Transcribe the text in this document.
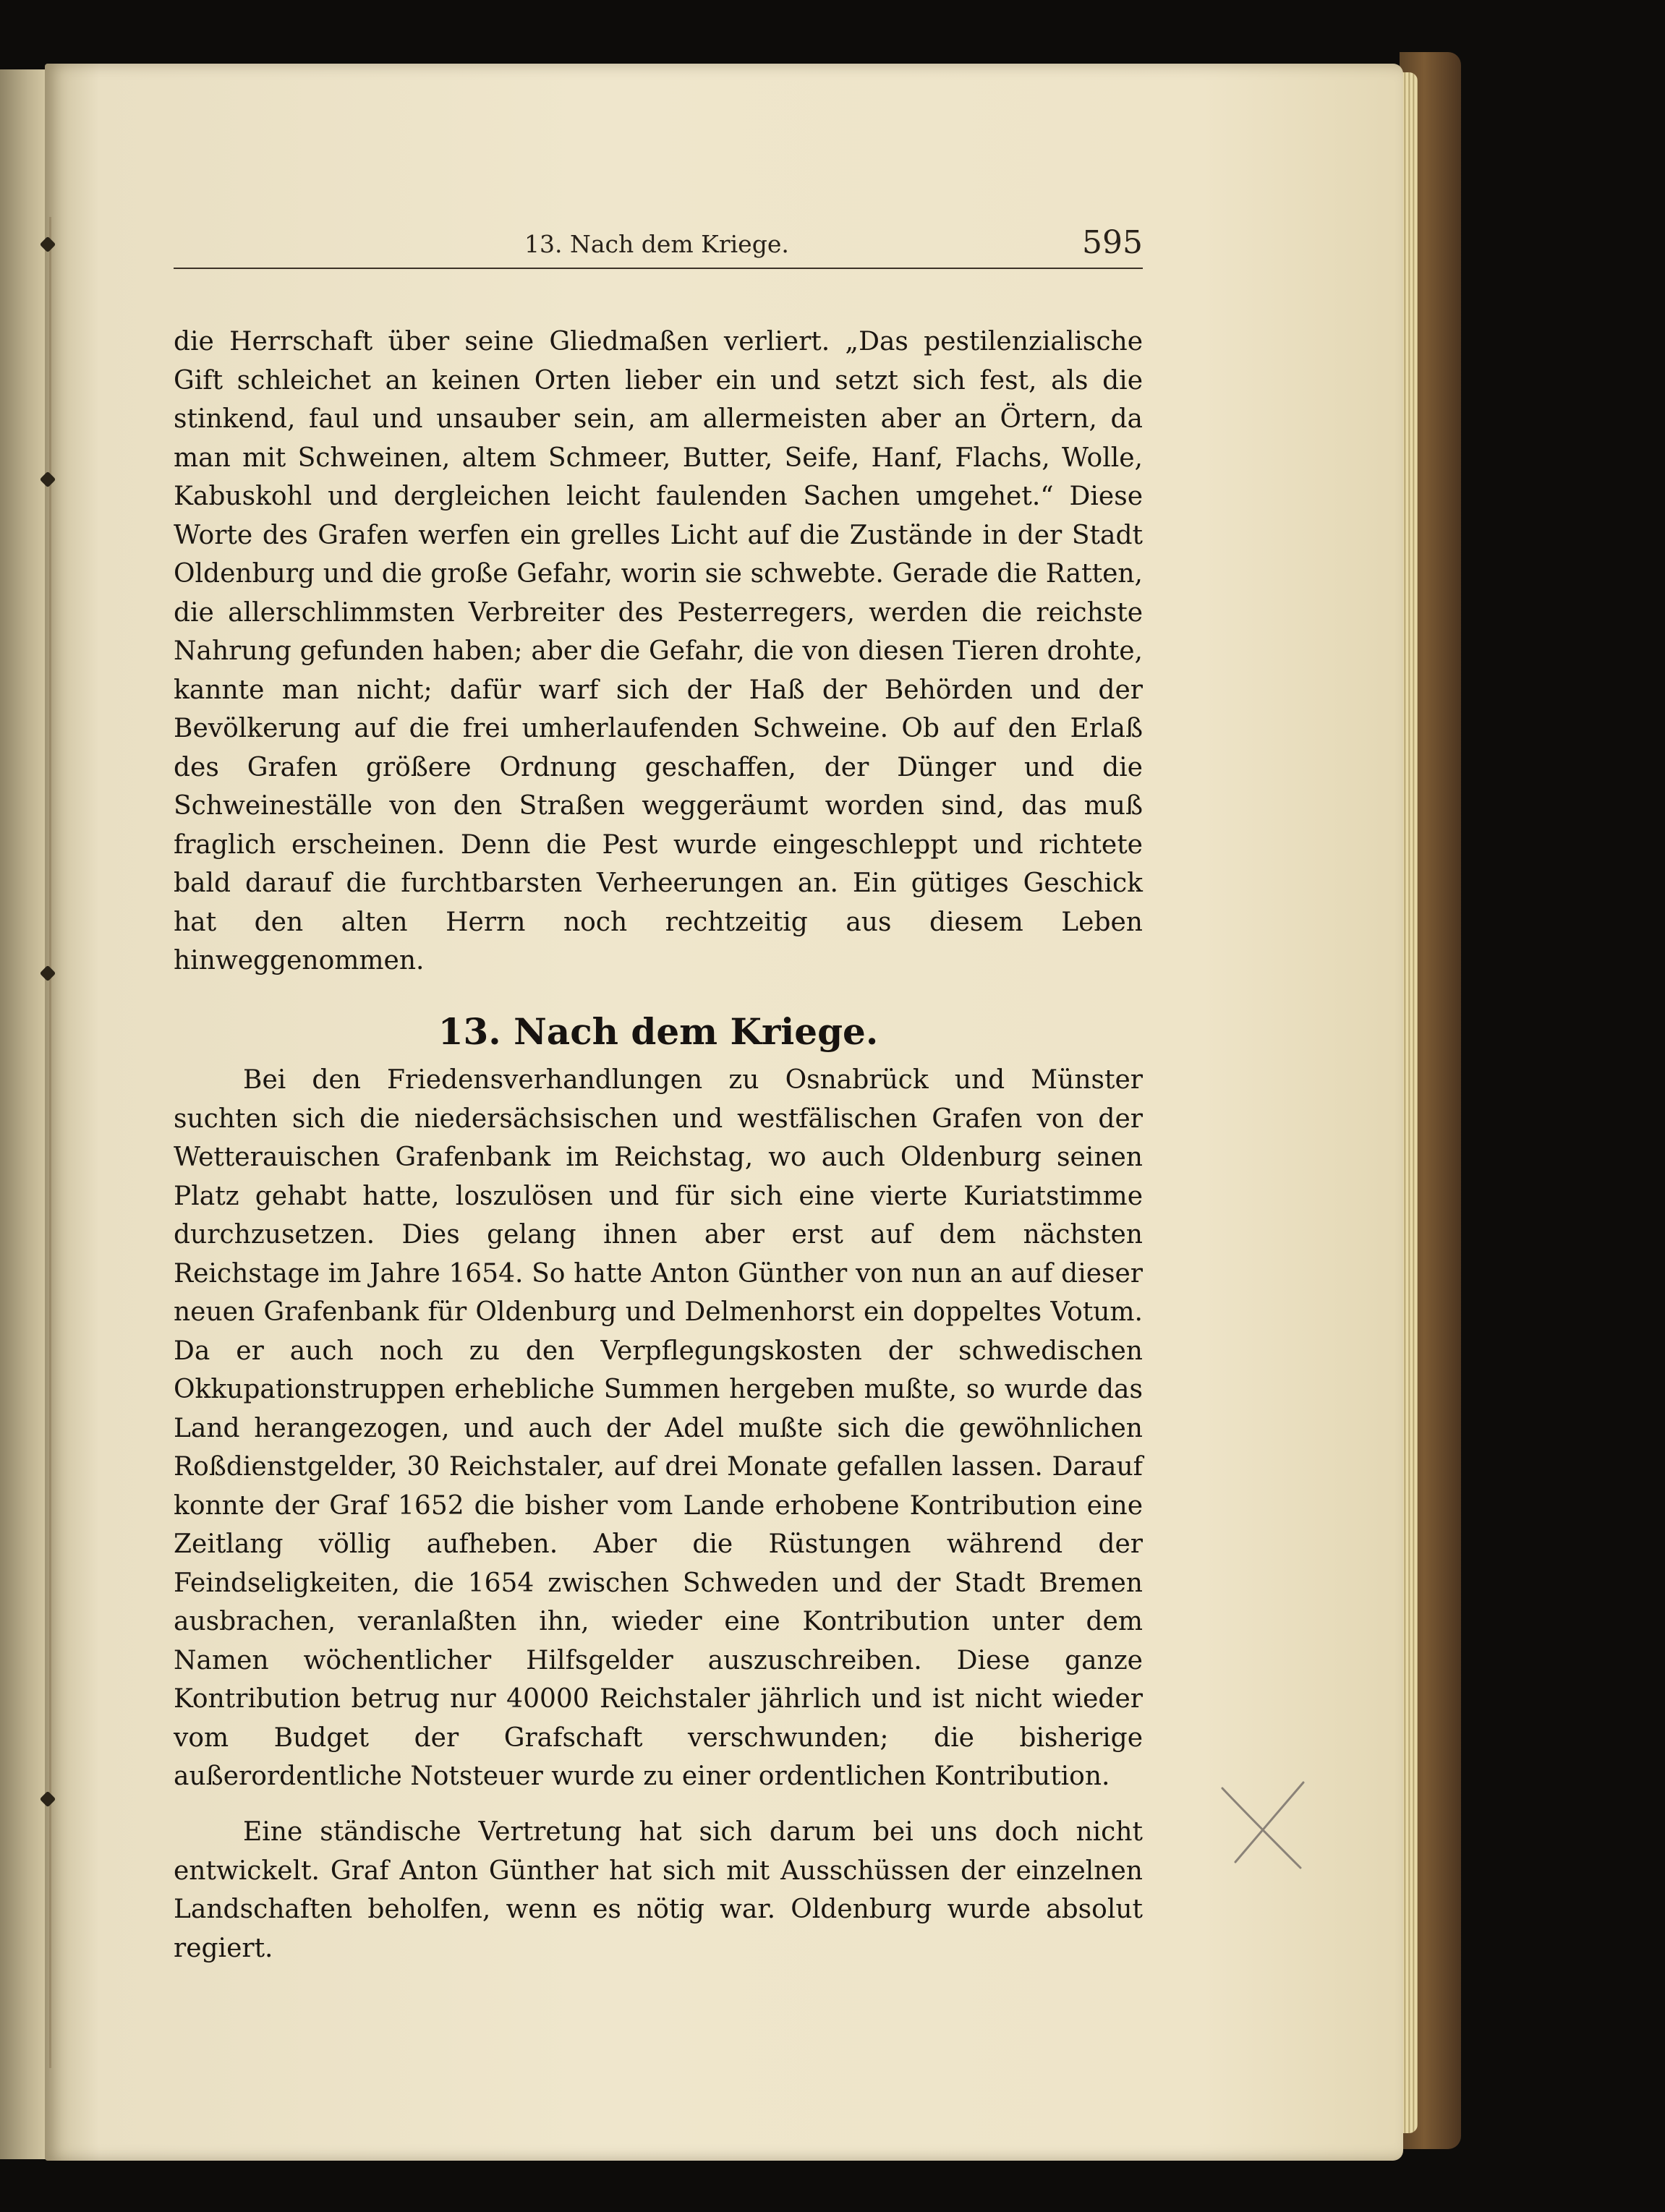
13. Nach dem Kriege.	595

die Herrschaft über seine Gliedmaßen verliert. „Das pestilenzialische Gift schleichet an keinen Orten lieber ein und setzt sich fest, als die stinkend, faul und unsauber sein, am allermeisten aber an Örtern, da man mit Schweinen, altem Schmeer, Butter, Seife, Hanf, Flachs, Wolle, Kabuskohl und dergleichen leicht faulenden Sachen umgehet.“ Diese Worte des Grafen werfen ein grelles Licht auf die Zustände in der Stadt Oldenburg und die große Gefahr, worin sie schwebte. Gerade die Ratten, die allerschlimmsten Verbreiter des Pesterregers, werden die reichste Nahrung gefunden haben; aber die Gefahr, die von diesen Tieren drohte, kannte man nicht; dafür warf sich der Haß der Behörden und der Bevölkerung auf die frei umherlaufenden Schweine. Ob auf den Erlaß des Grafen größere Ordnung geschaffen, der Dünger und die Schweineställe von den Straßen weggeräumt worden sind, das muß fraglich erscheinen. Denn die Pest wurde eingeschleppt und richtete bald darauf die furchtbarsten Verheerungen an. Ein gütiges Geschick hat den alten Herrn noch rechtzeitig aus diesem Leben hinweggenommen.

13. Nach dem Kriege.

Bei den Friedensverhandlungen zu Osnabrück und Münster suchten sich die niedersächsischen und westfälischen Grafen von der Wetterauischen Grafenbank im Reichstag, wo auch Oldenburg seinen Platz gehabt hatte, loszulösen und für sich eine vierte Kuriatstimme durchzusetzen. Dies gelang ihnen aber erst auf dem nächsten Reichstage im Jahre 1654. So hatte Anton Günther von nun an auf dieser neuen Grafenbank für Oldenburg und Delmenhorst ein doppeltes Votum. Da er auch noch zu den Verpflegungskosten der schwedischen Okkupationstruppen erhebliche Summen hergeben mußte, so wurde das Land herangezogen, und auch der Adel mußte sich die gewöhnlichen Roßdienstgelder, 30 Reichstaler, auf drei Monate gefallen lassen. Darauf konnte der Graf 1652 die bisher vom Lande erhobene Kontribution eine Zeitlang völlig aufheben. Aber die Rüstungen während der Feindseligkeiten, die 1654 zwischen Schweden und der Stadt Bremen ausbrachen, veranlaßten ihn, wieder eine Kontribution unter dem Namen wöchentlicher Hilfsgelder auszuschreiben. Diese ganze Kontribution betrug nur 40000 Reichstaler jährlich und ist nicht wieder vom Budget der Grafschaft verschwunden; die bisherige außerordentliche Notsteuer wurde zu einer ordentlichen Kontribution.

Eine ständische Vertretung hat sich darum bei uns doch nicht entwickelt. Graf Anton Günther hat sich mit Ausschüssen der einzelnen Landschaften beholfen, wenn es nötig war. Oldenburg wurde absolut regiert.
